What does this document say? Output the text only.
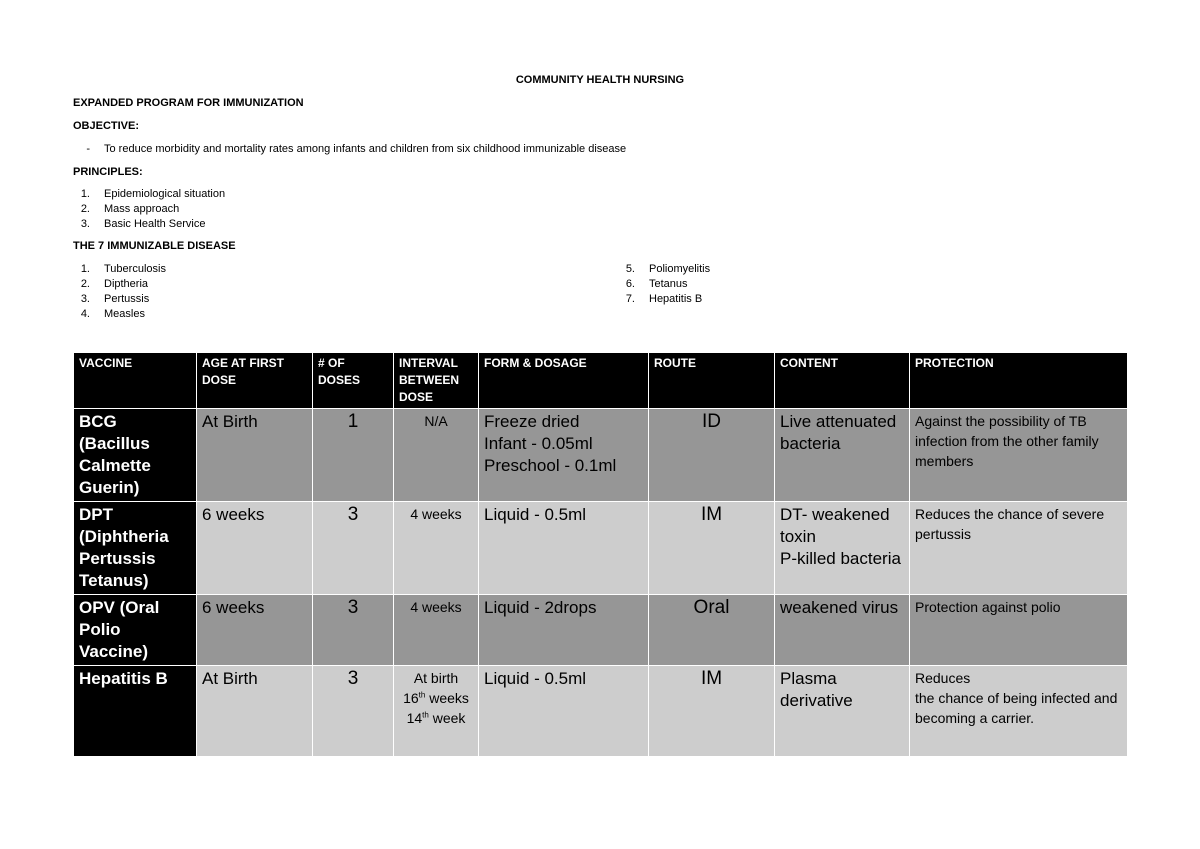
COMMUNITY HEALTH NURSING
EXPANDED PROGRAM FOR IMMUNIZATION
OBJECTIVE:
- To reduce morbidity and mortality rates among infants and children from six childhood immunizable disease
PRINCIPLES:
1. Epidemiological situation
2. Mass approach
3. Basic Health Service
THE 7 IMMUNIZABLE DISEASE
1. Tuberculosis
2. Diptheria
3. Pertussis
4. Measles
5. Poliomyelitis
6. Tetanus
7. Hepatitis B
VACCINE	AGE AT FIRST DOSE	# OF DOSES	INTERVAL BETWEEN DOSE	FORM & DOSAGE	ROUTE	CONTENT	PROTECTION
BCG (Bacillus Calmette Guerin)	At Birth	1	N/A	Freeze dried
Infant - 0.05ml
Preschool - 0.1ml	ID	Live attenuated bacteria	Against the possibility of TB infection from the other family members
DPT (Diphtheria Pertussis Tetanus)	6 weeks	3	4 weeks	Liquid - 0.5ml	IM	DT- weakened toxin
P-killed bacteria	Reduces the chance of severe pertussis
OPV (Oral Polio Vaccine)	6 weeks	3	4 weeks	Liquid - 2drops	Oral	weakened virus	Protection against polio
Hepatitis B	At Birth	3	At birth
16th weeks
14th week	Liquid - 0.5ml	IM	Plasma derivative	Reduces
the chance of being infected and becoming a carrier.
